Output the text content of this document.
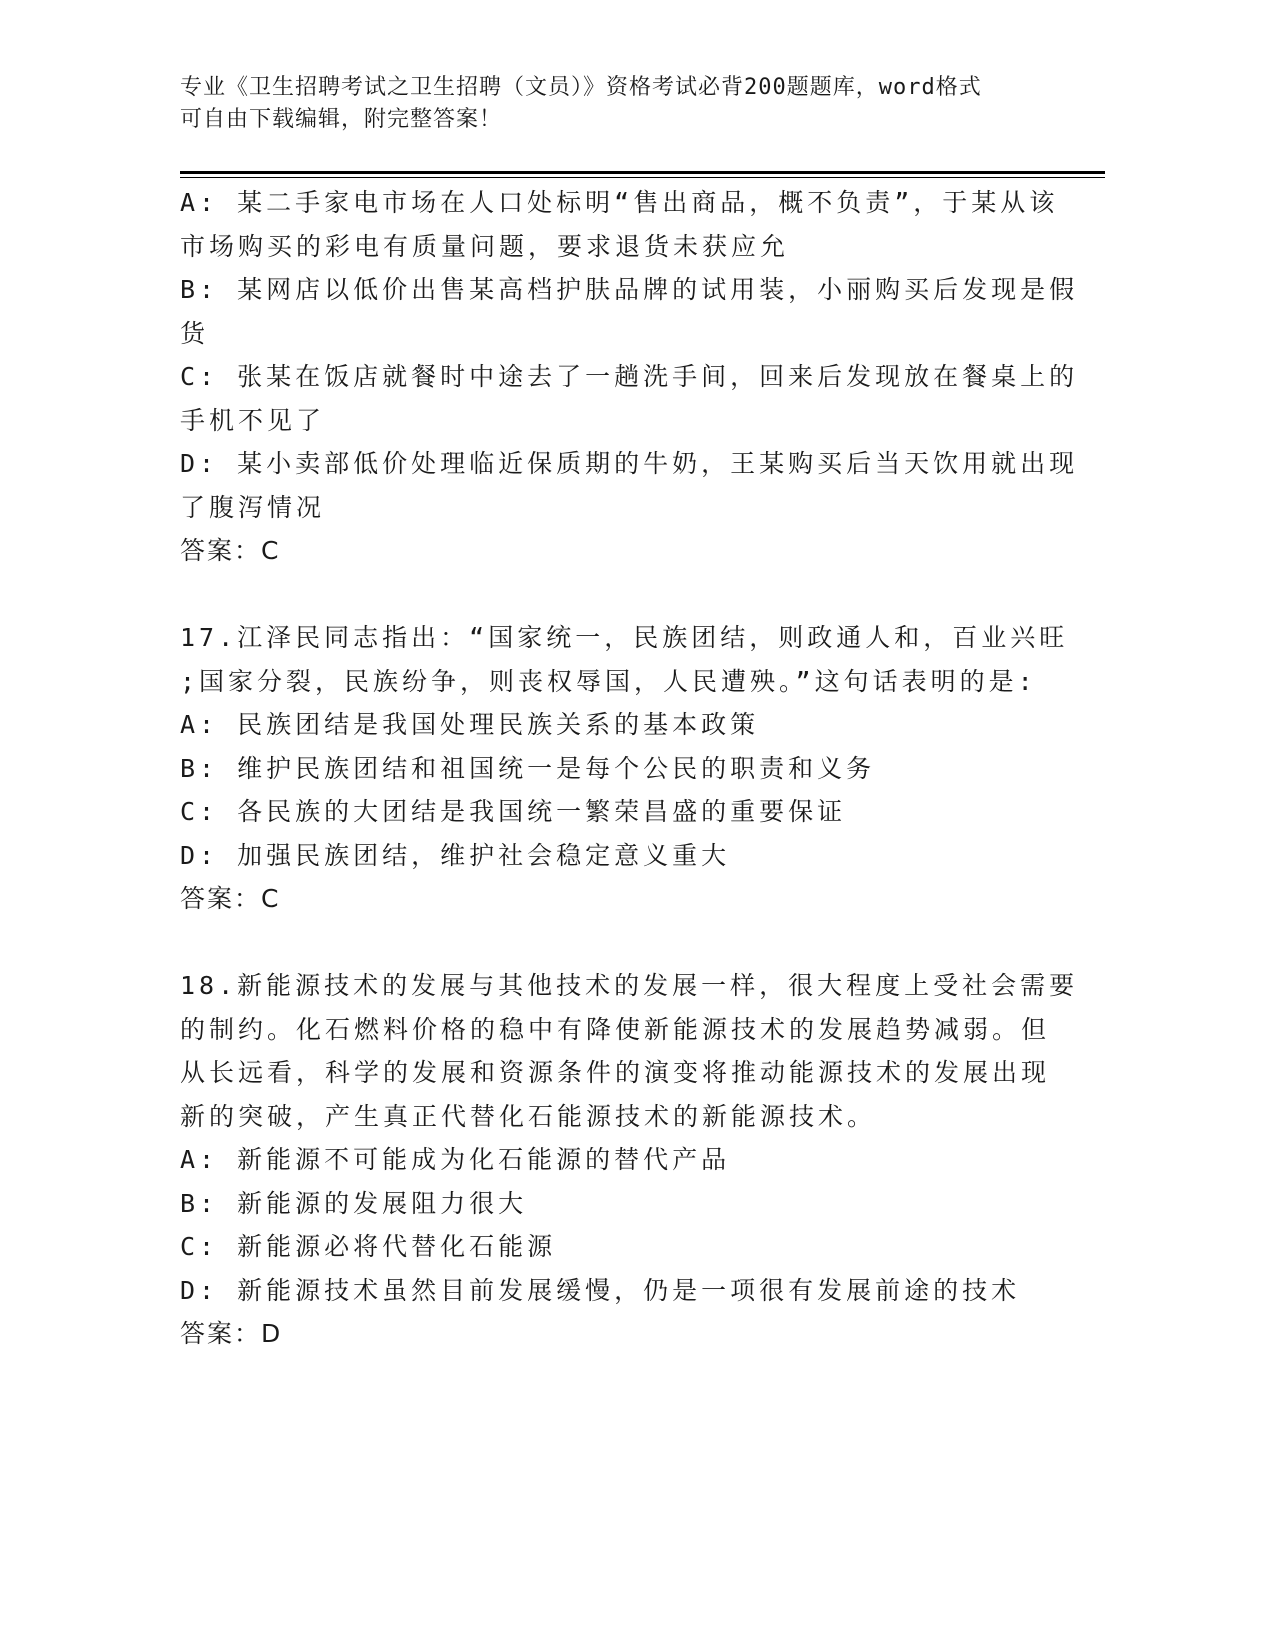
专业《卫生招聘考试之卫生招聘（文员）》资格考试必背200题题库，word格式
可自由下载编辑，附完整答案！
A: 某二手家电市场在人口处标明“售出商品，概不负责”，于某从该
市场购买的彩电有质量问题，要求退货未获应允
B: 某网店以低价出售某高档护肤品牌的试用装，小丽购买后发现是假
货
C: 张某在饭店就餐时中途去了一趟洗手间，回来后发现放在餐桌上的
手机不见了
D: 某小卖部低价处理临近保质期的牛奶，王某购买后当天饮用就出现
了腹泻情况
答案：C
17.江泽民同志指出：“国家统一，民族团结，则政通人和，百业兴旺
;国家分裂，民族纷争，则丧权辱国，人民遭殃。”这句话表明的是:
A: 民族团结是我国处理民族关系的基本政策
B: 维护民族团结和祖国统一是每个公民的职责和义务
C: 各民族的大团结是我国统一繁荣昌盛的重要保证
D: 加强民族团结，维护社会稳定意义重大
答案：C
18.新能源技术的发展与其他技术的发展一样，很大程度上受社会需要
的制约。化石燃料价格的稳中有降使新能源技术的发展趋势减弱。但
从长远看，科学的发展和资源条件的演变将推动能源技术的发展出现
新的突破，产生真正代替化石能源技术的新能源技术。
A: 新能源不可能成为化石能源的替代产品
B: 新能源的发展阻力很大
C: 新能源必将代替化石能源
D: 新能源技术虽然目前发展缓慢，仍是一项很有发展前途的技术
答案：D
